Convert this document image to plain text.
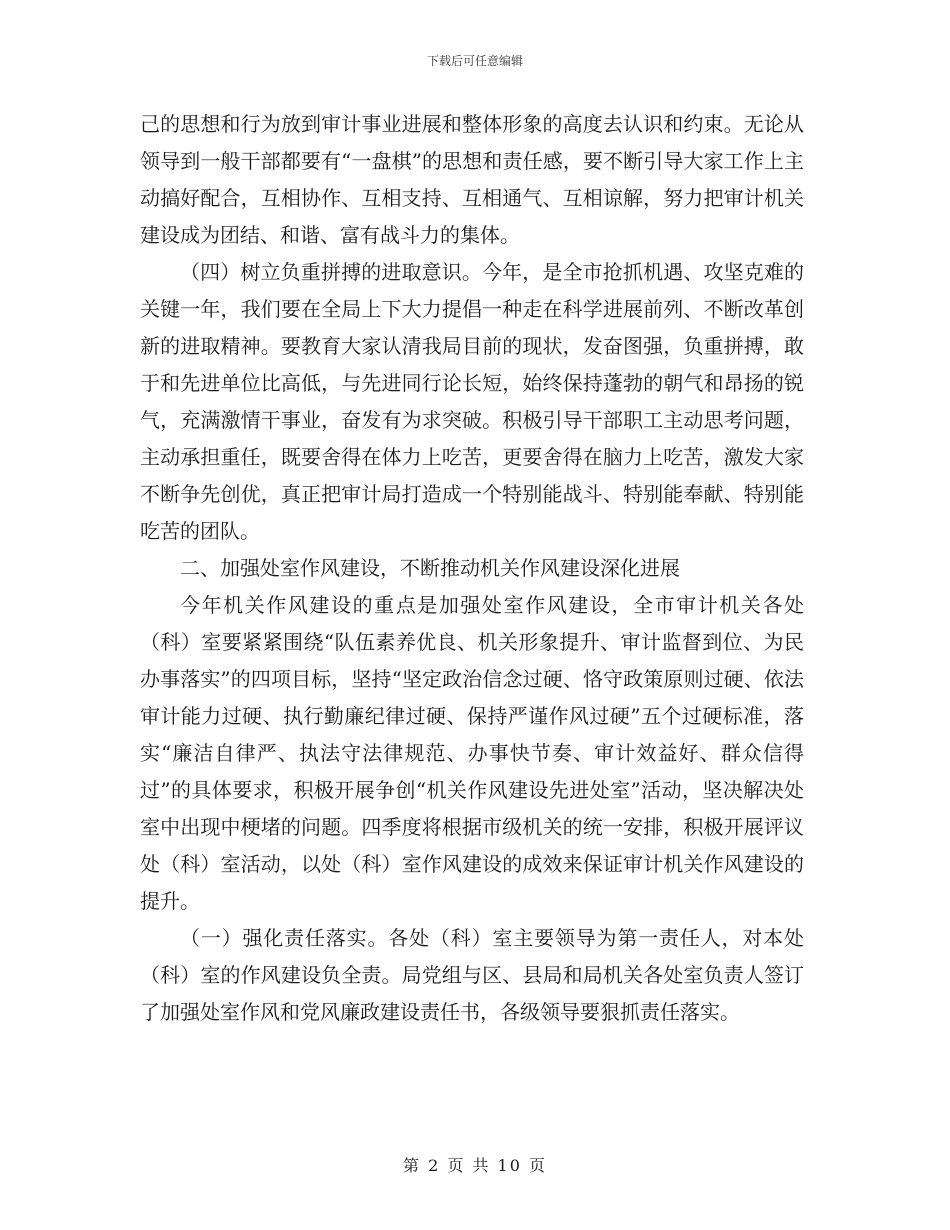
下载后可任意编辑

己的思想和行为放到审计事业进展和整体形象的高度去认识和约束。无论从领导到一般干部都要有“一盘棋”的思想和责任感，要不断引导大家工作上主动搞好配合，互相协作、互相支持、互相通气、互相谅解，努力把审计机关建设成为团结、和谐、富有战斗力的集体。

（四）树立负重拼搏的进取意识。今年，是全市抢抓机遇、攻坚克难的关键一年，我们要在全局上下大力提倡一种走在科学进展前列、不断改革创新的进取精神。要教育大家认清我局目前的现状，发奋图强，负重拼搏，敢于和先进单位比高低，与先进同行论长短，始终保持蓬勃的朝气和昂扬的锐气，充满激情干事业，奋发有为求突破。积极引导干部职工主动思考问题，主动承担重任，既要舍得在体力上吃苦，更要舍得在脑力上吃苦，激发大家不断争先创优，真正把审计局打造成一个特别能战斗、特别能奉献、特别能吃苦的团队。

二、加强处室作风建设，不断推动机关作风建设深化进展

今年机关作风建设的重点是加强处室作风建设，全市审计机关各处（科）室要紧紧围绕“队伍素养优良、机关形象提升、审计监督到位、为民办事落实”的四项目标，坚持“坚定政治信念过硬、恪守政策原则过硬、依法审计能力过硬、执行勤廉纪律过硬、保持严谨作风过硬”五个过硬标准，落实“廉洁自律严、执法守法律规范、办事快节奏、审计效益好、群众信得过”的具体要求，积极开展争创“机关作风建设先进处室”活动，坚决解决处室中出现中梗堵的问题。四季度将根据市级机关的统一安排，积极开展评议处（科）室活动，以处（科）室作风建设的成效来保证审计机关作风建设的提升。

（一）强化责任落实。各处（科）室主要领导为第一责任人，对本处（科）室的作风建设负全责。局党组与区、县局和局机关各处室负责人签订了加强处室作风和党风廉政建设责任书，各级领导要狠抓责任落实。

第 2 页 共 10 页
